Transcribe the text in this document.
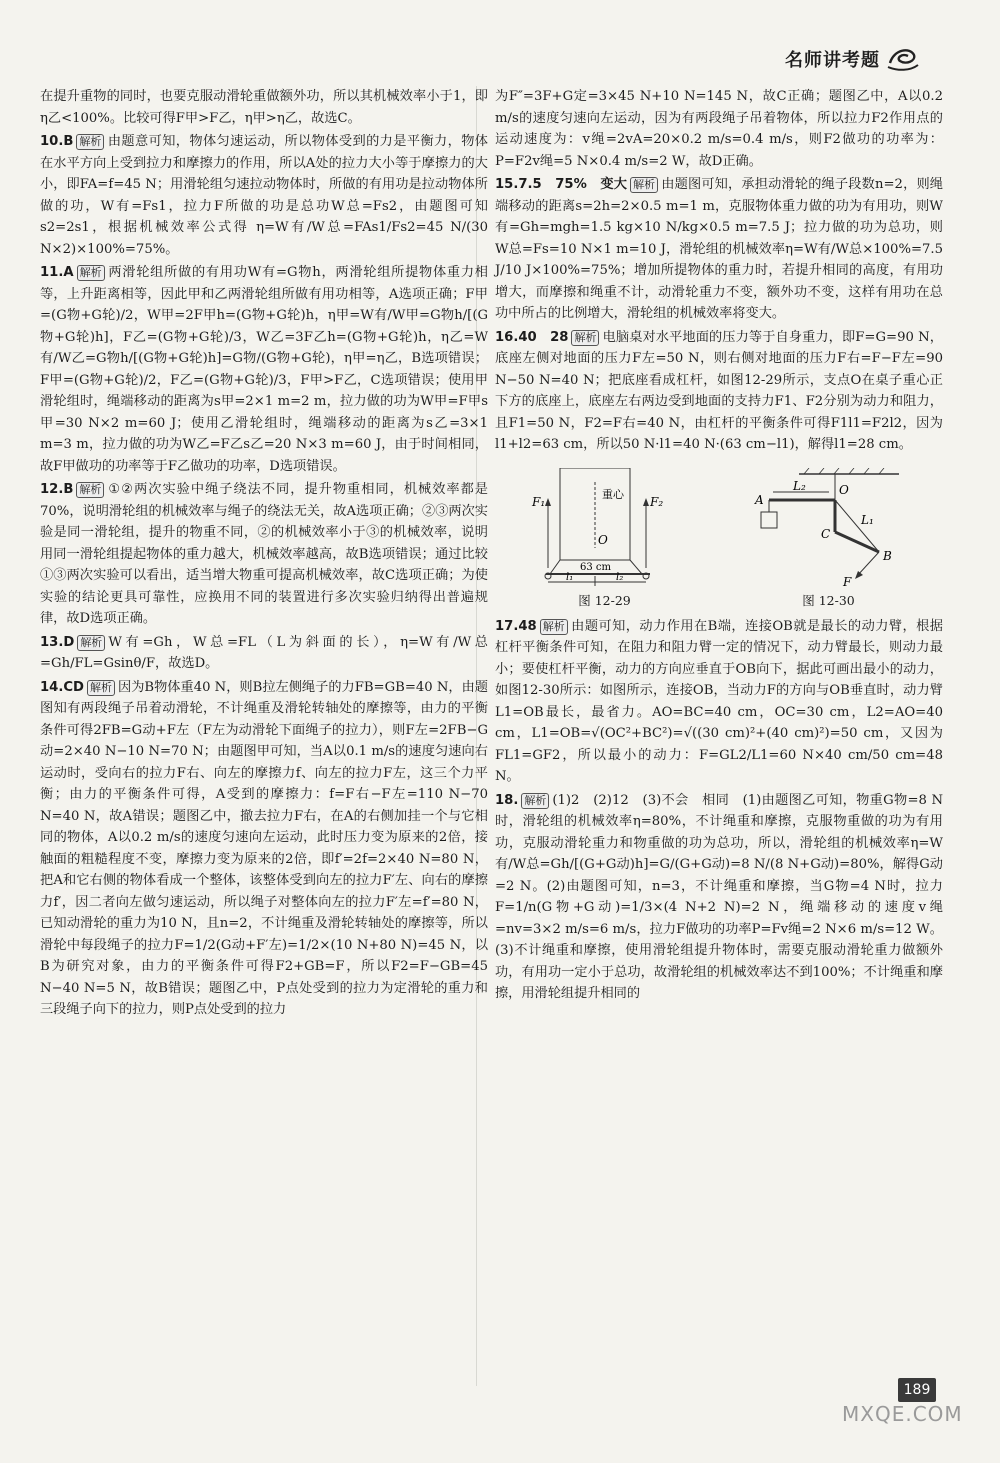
名师讲考题

在提升重物的同时，也要克服动滑轮重做额外功，所以其机械效率小于1，即η乙<100%。比较可得F甲>F乙，η甲>η乙，故选C。

10.B 解析 由题意可知，物体匀速运动，所以物体受到的力是平衡力，物体在水平方向上受到拉力和摩擦力的作用，所以A处的拉力大小等于摩擦力的大小，即FA=f=45 N；用滑轮组匀速拉动物体时，所做的有用功是拉动物体所做的功，W有=Fs1，拉力F所做的功是总功W总=Fs2，由题图可知s2=2s1，根据机械效率公式得 η=W有/W总=FAs1/Fs2=45 N/(30 N×2)×100%=75%。

11.A 解析 两滑轮组所做的有用功W有=G物h，两滑轮组所提物体重力相等，上升距离相等，因此甲和乙两滑轮组所做有用功相等，A选项正确；F甲=(G物+G轮)/2，W甲=2F甲h=(G物+G轮)h，η甲=W有/W甲=G物h/[(G物+G轮)h]，F乙=(G物+G轮)/3，W乙=3F乙h=(G物+G轮)h，η乙=W有/W乙=G物h/[(G物+G轮)h]=G物/(G物+G轮)，η甲=η乙，B选项错误；F甲=(G物+G轮)/2，F乙=(G物+G轮)/3，F甲>F乙，C选项错误；使用甲滑轮组时，绳端移动的距离为s甲=2×1 m=2 m，拉力做的功为W甲=F甲s甲=30 N×2 m=60 J；使用乙滑轮组时，绳端移动的距离为s乙=3×1 m=3 m，拉力做的功为W乙=F乙s乙=20 N×3 m=60 J，由于时间相同，故F甲做功的功率等于F乙做功的功率，D选项错误。

12.B 解析 ①②两次实验中绳子绕法不同，提升物重相同，机械效率都是70%，说明滑轮组的机械效率与绳子的绕法无关，故A选项正确；②③两次实验是同一滑轮组，提升的物重不同，②的机械效率小于③的机械效率，说明用同一滑轮组提起物体的重力越大，机械效率越高，故B选项错误；通过比较①③两次实验可以看出，适当增大物重可提高机械效率，故C选项正确；为使实验的结论更具可靠性，应换用不同的装置进行多次实验归纳得出普遍规律，故D选项正确。

13.D 解析 W有=Gh，W总=FL（L为斜面的长），η=W有/W总=Gh/FL=Gsinθ/F，故选D。

14.CD 解析 因为B物体重40 N，则B拉左侧绳子的力FB=GB=40 N，由题图知有两段绳子吊着动滑轮，不计绳重及滑轮转轴处的摩擦等，由力的平衡条件可得2FB=G动+F左（F左为动滑轮下面绳子的拉力），则F左=2FB−G动=2×40 N−10 N=70 N；由题图甲可知，当A以0.1 m/s的速度匀速向右运动时，受向右的拉力F右、向左的摩擦力f、向左的拉力F左，这三个力平衡；由力的平衡条件可得，A受到的摩擦力：f=F右−F左=110 N−70 N=40 N，故A错误；题图乙中，撤去拉力F右，在A的右侧加挂一个与它相同的物体，A以0.2 m/s的速度匀速向左运动，此时压力变为原来的2倍，接触面的粗糙程度不变，摩擦力变为原来的2倍，即f′=2f=2×40 N=80 N，把A和它右侧的物体看成一个整体，该整体受到向左的拉力F′左、向右的摩擦力f′，因二者向左做匀速运动，所以绳子对整体向左的拉力F′左=f′=80 N，已知动滑轮的重力为10 N，且n=2，不计绳重及滑轮转轴处的摩擦等，所以滑轮中每段绳子的拉力F=1/2(G动+F′左)=1/2×(10 N+80 N)=45 N，以B为研究对象，由力的平衡条件可得F2+GB=F，所以F2=F−GB=45 N−40 N=5 N，故B错误；题图乙中，P点处受到的拉力为定滑轮的重力和三段绳子向下的拉力，则P点处受到的拉力

为F″=3F+G定=3×45 N+10 N=145 N，故C正确；题图乙中，A以0.2 m/s的速度匀速向左运动，因为有两段绳子吊着物体，所以拉力F2作用点的运动速度为：v绳=2vA=20×0.2 m/s=0.4 m/s，则F2做功的功率为：P=F2v绳=5 N×0.4 m/s=2 W，故D正确。

15.7.5　75%　变大 解析 由题图可知，承担动滑轮的绳子段数n=2，则绳端移动的距离s=2h=2×0.5 m=1 m，克服物体重力做的功为有用功，则W有=Gh=mgh=1.5 kg×10 N/kg×0.5 m=7.5 J；拉力做的功为总功，则W总=Fs=10 N×1 m=10 J，滑轮组的机械效率η=W有/W总×100%=7.5 J/10 J×100%=75%；增加所提物体的重力时，若提升相同的高度，有用功增大，而摩擦和绳重不计，动滑轮重力不变，额外功不变，这样有用功在总功中所占的比例增大，滑轮组的机械效率将变大。

16.40　28 解析 电脑桌对水平地面的压力等于自身重力，即F=G=90 N，底座左侧对地面的压力F左=50 N，则右侧对地面的压力F右=F−F左=90 N−50 N=40 N；把底座看成杠杆，如图12-29所示，支点O在桌子重心正下方的底座上，底座左右两边受到地面的支持力F1、F2分别为动力和阻力，且F1=50 N，F2=F右=40 N，由杠杆的平衡条件可得F1l1=F2l2，因为l1+l2=63 cm，所以50 N·l1=40 N·(63 cm−l1)，解得l1=28 cm。

F₁	F₂
重心
O
63 cm
l₁	l₂
图 12-29
L₂	O
A
L₁
C
B
F
图 12-30

17.48 解析 由题可知，动力作用在B端，连接OB就是最长的动力臂，根据杠杆平衡条件可知，在阻力和阻力臂一定的情况下，动力臂最长，则动力最小；要使杠杆平衡，动力的方向应垂直于OB向下，据此可画出最小的动力，如图12-30所示：如图所示，连接OB，当动力F的方向与OB垂直时，动力臂L1=OB最长，最省力。AO=BC=40 cm，OC=30 cm，L2=AO=40 cm，L1=OB=√(OC²+BC²)=√((30 cm)²+(40 cm)²)=50 cm，又因为FL1=GF2，所以最小的动力：F=GL2/L1=60 N×40 cm/50 cm=48 N。

18. 解析 (1)2　(2)12　(3)不会　相同　(1)由题图乙可知，物重G物=8 N时，滑轮组的机械效率η=80%，不计绳重和摩擦，克服物重做的功为有用功，克服动滑轮重力和物重做的功为总功，所以，滑轮组的机械效率η=W有/W总=Gh/[(G+G动)h]=G/(G+G动)=8 N/(8 N+G动)=80%，解得G动=2 N。(2)由题图可知，n=3，不计绳重和摩擦，当G物=4 N时，拉力F=1/n(G物+G动)=1/3×(4 N+2 N)=2 N，绳端移动的速度v绳=nv=3×2 m/s=6 m/s，拉力F做功的功率P=Fv绳=2 N×6 m/s=12 W。(3)不计绳重和摩擦，使用滑轮组提升物体时，需要克服动滑轮重力做额外功，有用功一定小于总功，故滑轮组的机械效率达不到100%；不计绳重和摩擦，用滑轮组提升相同的

189
MXQE.COM
